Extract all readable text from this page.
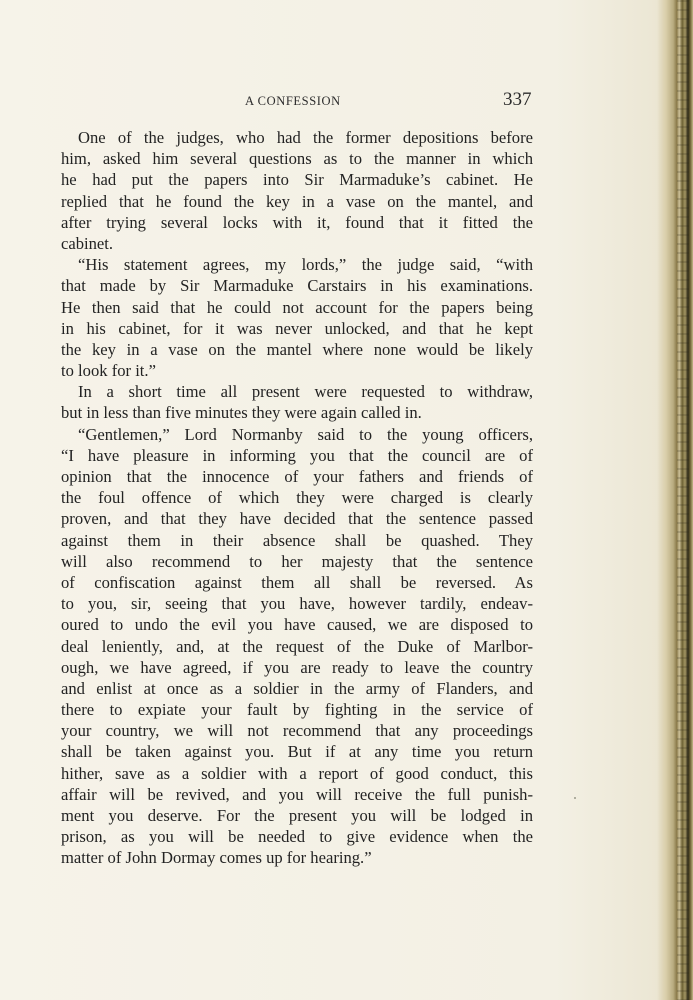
A CONFESSION	337
One of the judges, who had the former depositions before
him, asked him several questions as to the manner in which
he had put the papers into Sir Marmaduke’s cabinet. He
replied that he found the key in a vase on the mantel, and
after trying several locks with it, found that it fitted the
cabinet.
“His statement agrees, my lords,” the judge said, “with
that made by Sir Marmaduke Carstairs in his examinations.
He then said that he could not account for the papers being
in his cabinet, for it was never unlocked, and that he kept
the key in a vase on the mantel where none would be likely
to look for it.”
In a short time all present were requested to withdraw,
but in less than five minutes they were again called in.
“Gentlemen,” Lord Normanby said to the young officers,
“I have pleasure in informing you that the council are of
opinion that the innocence of your fathers and friends of
the foul offence of which they were charged is clearly
proven, and that they have decided that the sentence passed
against them in their absence shall be quashed. They
will also recommend to her majesty that the sentence
of confiscation against them all shall be reversed. As
to you, sir, seeing that you have, however tardily, endeav-
oured to undo the evil you have caused, we are disposed to
deal leniently, and, at the request of the Duke of Marlbor-
ough, we have agreed, if you are ready to leave the country
and enlist at once as a soldier in the army of Flanders, and
there to expiate your fault by fighting in the service of
your country, we will not recommend that any proceedings
shall be taken against you. But if at any time you return
hither, save as a soldier with a report of good conduct, this
affair will be revived, and you will receive the full punish-
ment you deserve. For the present you will be lodged in
prison, as you will be needed to give evidence when the
matter of John Dormay comes up for hearing.”
